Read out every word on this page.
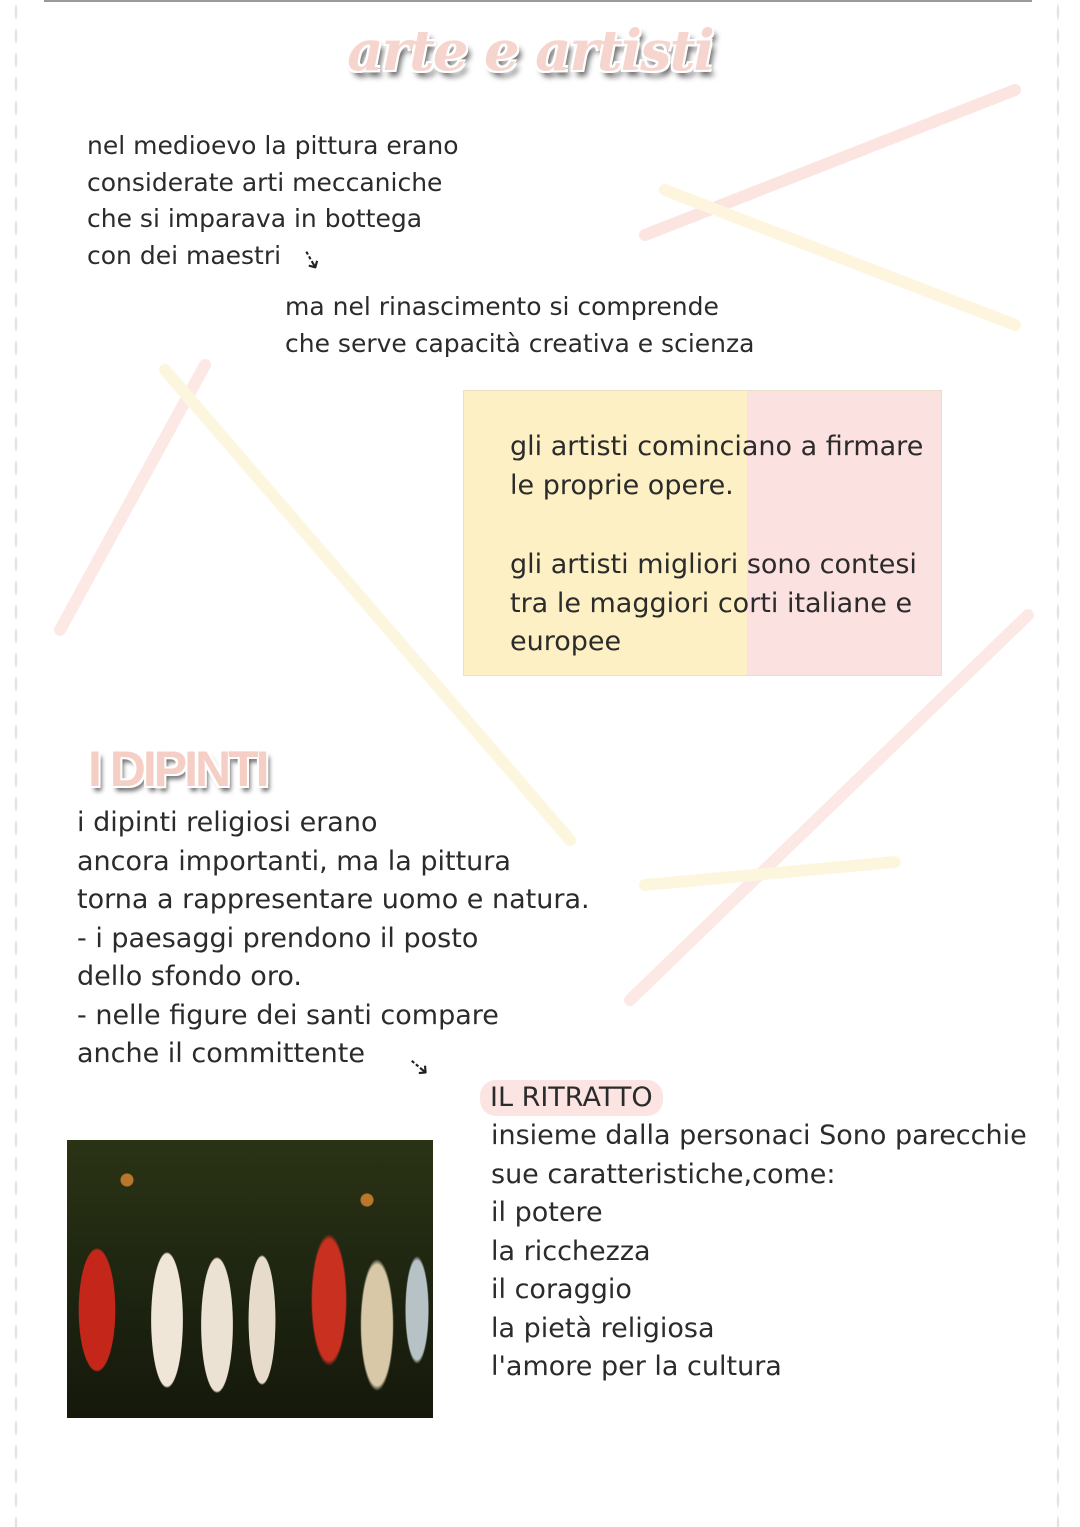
arte e artisti
nel medioevo la pittura erano
considerate arti meccaniche
che si imparava in bottega
con dei maestri ⇢
ma nel rinascimento si comprende
che serve capacità creativa e scienza
gli artisti cominciano a firmare
le proprie opere.
gli artisti migliori sono contesi
tra le maggiori corti italiane e
europee
I DIPINTI
i dipinti religiosi erano
ancora importanti, ma la pittura
torna a rappresentare uomo e natura.
- i paesaggi prendono il posto
dello sfondo oro.
- nelle figure dei santi compare
anche il committente	⇢
IL RITRATTO
insieme dalla personaci Sono parecchie
sue caratteristiche,come:
il potere
la ricchezza
il coraggio
la pietà religiosa
l'amore per la cultura
